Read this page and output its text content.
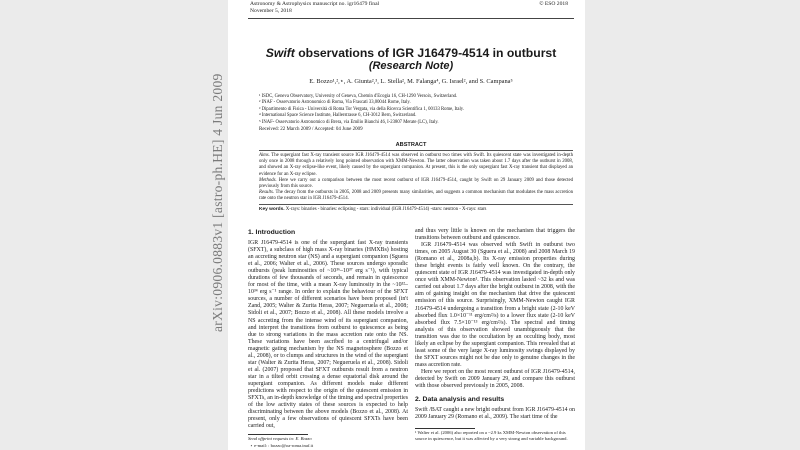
arXiv:0906.0883v1 [astro-ph.HE] 4 Jun 2009
Astronomy & Astrophysics manuscript no. igr16479 final	© ESO 2018
November 5, 2018
Swift observations of IGR J16479-4514 in outburst
(Research Note)
E. Bozzo¹,²,⋆, A. Giunta²,³, L. Stella², M. Falanga⁴, G. Israel², and S. Campana⁵
¹ ISDC, Geneva Observatory, University of Geneva, Chemin d'Ecogia 16, CH-1290 Versoix, Switzerland.
² INAF - Osservatorio Astronomico di Roma, Via Frascati 33,00044 Rome, Italy.
³ Dipartimento di Fisica - Università di Roma Tor Vergata, via della Ricerca Scientifica 1, 00133 Rome, Italy.
⁴ International Space Science Institute, Hallerstrasse 6, CH-3012 Bern, Switzerland.
⁵ INAF- Osservatorio Astronomico di Brera, via Emilio Bianchi 46, I-23807 Merate (LC), Italy.
Received: 22 March 2009 / Accepted: 04 June 2009
ABSTRACT
Aims. The supergiant fast X-ray transient source IGR J16479-4514 was observed in outburst two times with Swift. Its quiescent state was investigated in-depth only once in 2008 through a relatively long pointed observation with XMM-Newton. The latter observation was taken about 1.7 days after the outburst in 2008, and showed an X-ray eclipse-like event, likely caused by the supergiant companion. At present, this is the only supergiant fast X-ray transient that displayed an evidence for an X-ray eclipse.
Methods. Here we carry out a comparison between the most recent outburst of IGR J16479-4514, caught by Swift on 29 January 2009 and those detected previously from this source.
Results. The decay from the outbursts in 2005, 2008 and 2009 presents many similarities, and suggests a common mechanism that modulates the mass accretion rate onto the neutron star in IGR J16479-4514.
Key words. X-rays: binaries - binaries: eclipsing - stars: individual (IGR J16479-4514) -stars: neutron - X-rays: stars
1. Introduction

IGR J16479-4514 is one of the supergiant fast X-ray transients (SFXT), a subclass of high mass X-ray binaries (HMXBs) hosting an accreting neutron star (NS) and a supergiant companion (Sguera et al., 2006; Walter et al., 2006). These sources undergo sporadic outbursts (peak luminosities of ~10³⁶–10³⁷ erg s⁻¹), with typical durations of few thousands of seconds, and remain in quiescence for most of the time, with a mean X-ray luminosity in the ~10³²–10³⁴ erg s⁻¹ range. In order to explain the behaviour of the SFXT sources, a number of different scenarios have been proposed (in't Zand, 2005; Walter & Zurita Heras, 2007; Negueruela et al., 2008; Sidoli et al., 2007; Bozzo et al., 2008). All these models involve a NS accreting from the intense wind of its supergiant companion, and interpret the transitions from outburst to quiescence as being due to strong variations in the mass accretion rate onto the NS. These variations have been ascribed to a centrifugal and/or magnetic gating mechanism by the NS magnetosphere (Bozzo et al., 2008), or to clumps and structures in the wind of the supergiant star (Walter & Zurita Heras, 2007; Negueruela et al., 2008). Sidoli et al. (2007) proposed that SFXT outbursts result from a neutron star in a tilted orbit crossing a dense equatorial disk around the supergiant companion. As different models make different predictions with respect to the origin of the quiescent emission in SFXTs, an in-depth knowledge of the timing and spectral properties of the low activity states of these sources is expected to help discriminating between the above models (Bozzo et al., 2008). At present, only a few observations of quiescent SFXTs have been carried out,

Send offprint requests to: E. Bozzo
⋆ e-mail: : bozzo@oa-roma.inaf.it

and thus very little is known on the mechanism that triggers the transitions between outburst and quiescence.

IGR J16479-4514 was observed with Swift in outburst two times, on 2005 August 30 (Sguera et al., 2008) and 2008 March 19 (Romano et al., 2008a,b). Its X-ray emission properties during these bright events is fairly well known. On the contrary, the quiescent state of IGR J16479-4514 was investigated in-depth only once with XMM-Newton¹. This observation lasted ~32 ks and was carried out about 1.7 days after the bright outburst in 2008, with the aim of gaining insight on the mechanism that drive the quiescent emission of this source. Surprisingly, XMM-Newton caught IGR J16479-4514 undergoing a transition from a bright state (2-10 keV absorbed flux 1.0×10⁻¹¹ erg/cm²/s) to a lower flux state (2-10 keV absorbed flux 7.5×10⁻¹³ erg/cm²/s). The spectral and timing analysis of this observation showed unambiguously that the transition was due to the occultation by an occulting body, most likely an eclipse by the supergiant companion. This revealed that at least some of the very large X-ray luminosity swings displayed by the SFXT sources might not be due only to genuine changes in the mass accretion rate.

Here we report on the most recent outburst of IGR J16479-4514, detected by Swift on 2009 January 29, and compare this outburst with those observed previously in 2005, 2008.

2. Data analysis and results

Swift /BAT caught a new bright outburst from IGR J16479-4514 on 2009 January 29 (Romano et al., 2009). The start time of the

¹ Walter et al. (2006) also reported on a ~2.9 ks XMM-Newton observation of this source in quiescence, but it was affected by a very strong and variable background.
